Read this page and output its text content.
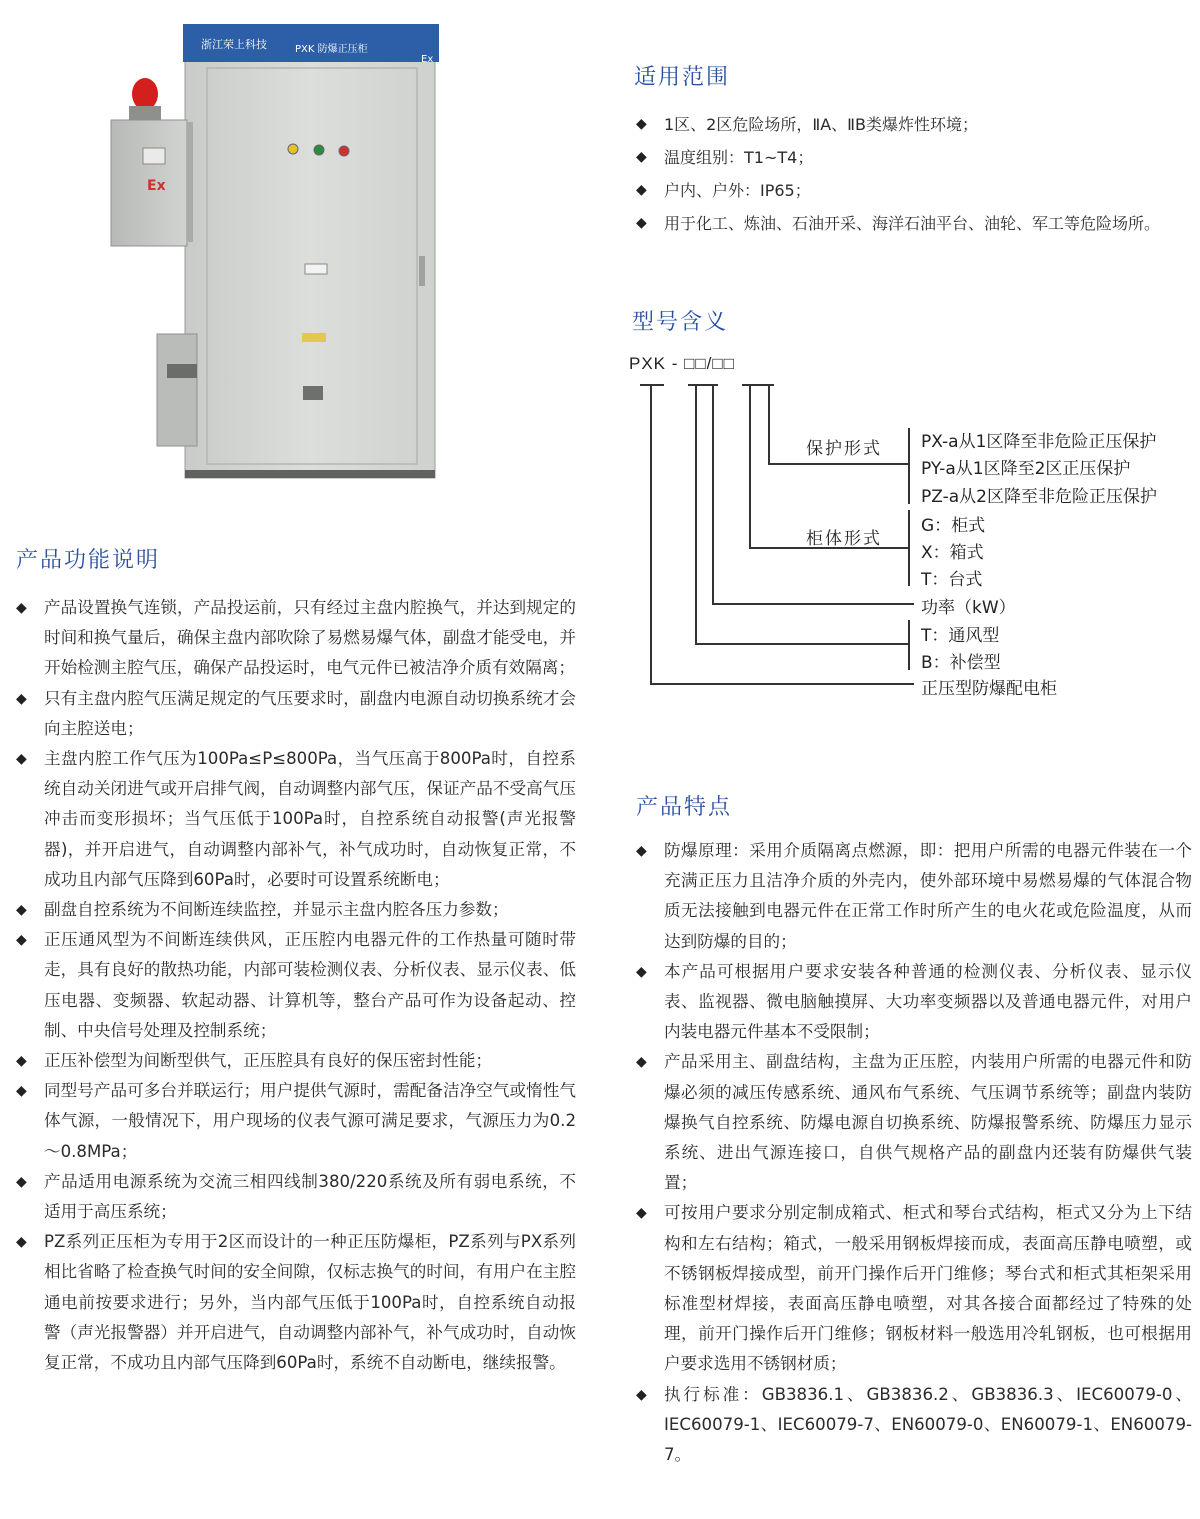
浙江荣上科技	PXK 防爆正压柜
Ex
Ex
产品功能说明
◆ 产品设置换气连锁，产品投运前，只有经过主盘内腔换气，并达到规定的时间和换气量后，确保主盘内部吹除了易燃易爆气体，副盘才能受电，并开始检测主腔气压，确保产品投运时，电气元件已被洁净介质有效隔离；
◆ 只有主盘内腔气压满足规定的气压要求时，副盘内电源自动切换系统才会向主腔送电；
◆ 主盘内腔工作气压为100Pa≤P≤800Pa，当气压高于800Pa时，自控系统自动关闭进气或开启排气阀，自动调整内部气压，保证产品不受高气压冲击而变形损坏；当气压低于100Pa时，自控系统自动报警(声光报警器)，并开启进气，自动调整内部补气，补气成功时，自动恢复正常，不成功且内部气压降到60Pa时，必要时可设置系统断电；
◆ 副盘自控系统为不间断连续监控，并显示主盘内腔各压力参数；
◆ 正压通风型为不间断连续供风，正压腔内电器元件的工作热量可随时带走，具有良好的散热功能，内部可装检测仪表、分析仪表、显示仪表、低压电器、变频器、软起动器、计算机等，整台产品可作为设备起动、控制、中央信号处理及控制系统；
◆ 正压补偿型为间断型供气，正压腔具有良好的保压密封性能；
◆ 同型号产品可多台并联运行；用户提供气源时，需配备洁净空气或惰性气体气源，一般情况下，用户现场的仪表气源可满足要求，气源压力为0.2～0.8MPa；
◆ 产品适用电源系统为交流三相四线制380/220系统及所有弱电系统，不适用于高压系统；
◆ PZ系列正压柜为专用于2区而设计的一种正压防爆柜，PZ系列与PX系列相比省略了检查换气时间的安全间隙，仅标志换气的时间，有用户在主腔通电前按要求进行；另外，当内部气压低于100Pa时，自控系统自动报警（声光报警器）并开启进气，自动调整内部补气，补气成功时，自动恢复正常，不成功且内部气压降到60Pa时，系统不自动断电，继续报警。
适用范围
◆ 1区、2区危险场所，ⅡA、ⅡB类爆炸性环境；
◆ 温度组别：T1~T4；
◆ 户内、户外：IP65；
◆ 用于化工、炼油、石油开采、海洋石油平台、油轮、军工等危险场所。
型号含义
PXK - □□/□□
保护形式
柜体形式
PX-a从1区降至非危险正压保护
PY-a从1区降至2区正压保护
PZ-a从2区降至非危险正压保护
G：柜式
X：箱式
T：台式
功率（kW）
T：通风型
B：补偿型
正压型防爆配电柜
产品特点
◆ 防爆原理：采用介质隔离点燃源，即：把用户所需的电器元件装在一个充满正压力且洁净介质的外壳内，使外部环境中易燃易爆的气体混合物质无法接触到电器元件在正常工作时所产生的电火花或危险温度，从而达到防爆的目的；
◆ 本产品可根据用户要求安装各种普通的检测仪表、分析仪表、显示仪表、监视器、微电脑触摸屏、大功率变频器以及普通电器元件，对用户内装电器元件基本不受限制；
◆ 产品采用主、副盘结构，主盘为正压腔，内装用户所需的电器元件和防爆必须的减压传感系统、通风布气系统、气压调节系统等；副盘内装防爆换气自控系统、防爆电源自切换系统、防爆报警系统、防爆压力显示系统、进出气源连接口，自供气规格产品的副盘内还装有防爆供气装置；
◆ 可按用户要求分别定制成箱式、柜式和琴台式结构，柜式又分为上下结构和左右结构；箱式，一般采用钢板焊接而成，表面高压静电喷塑，或不锈钢板焊接成型，前开门操作后开门维修；琴台式和柜式其柜架采用标准型材焊接，表面高压静电喷塑，对其各接合面都经过了特殊的处理，前开门操作后开门维修；钢板材料一般选用冷轧钢板，也可根据用户要求选用不锈钢材质；
◆ 执行标准：GB3836.1、GB3836.2、GB3836.3、IEC60079-0、IEC60079-1、IEC60079-7、EN60079-0、EN60079-1、EN60079-7。
